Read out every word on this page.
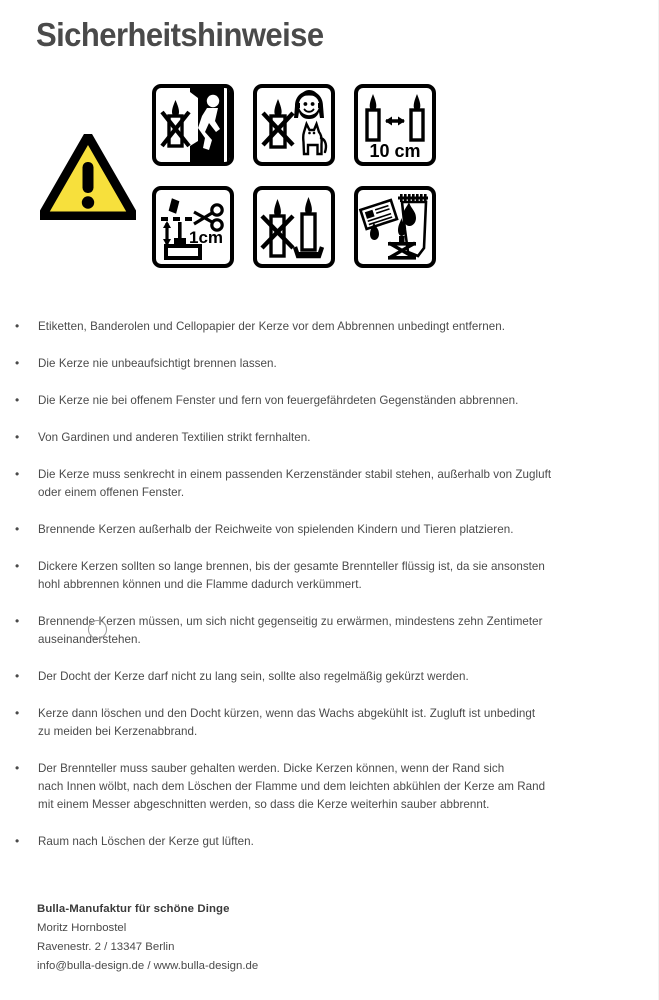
Sicherheitshinweise
10 cm
1cm
• Etiketten, Banderolen und Cellopapier der Kerze vor dem Abbrennen unbedingt entfernen.
• Die Kerze nie unbeaufsichtigt brennen lassen.
• Die Kerze nie bei offenem Fenster und fern von feuergefährdeten Gegenständen abbrennen.
• Von Gardinen und anderen Textilien strikt fernhalten.
• Die Kerze muss senkrecht in einem passenden Kerzenständer stabil stehen, außerhalb von Zugluft
oder einem offenen Fenster.
• Brennende Kerzen außerhalb der Reichweite von spielenden Kindern und Tieren platzieren.
• Dickere Kerzen sollten so lange brennen, bis der gesamte Brennteller flüssig ist, da sie ansonsten
hohl abbrennen können und die Flamme dadurch verkümmert.
• Brennende Kerzen müssen, um sich nicht gegenseitig zu erwärmen, mindestens zehn Zentimeter
auseinanderstehen.
• Der Docht der Kerze darf nicht zu lang sein, sollte also regelmäßig gekürzt werden.
• Kerze dann löschen und den Docht kürzen, wenn das Wachs abgekühlt ist. Zugluft ist unbedingt
zu meiden bei Kerzenabbrand.
• Der Brennteller muss sauber gehalten werden. Dicke Kerzen können, wenn der Rand sich
nach Innen wölbt, nach dem Löschen der Flamme und dem leichten abkühlen der Kerze am Rand
mit einem Messer abgeschnitten werden, so dass die Kerze weiterhin sauber abbrennt.
• Raum nach Löschen der Kerze gut lüften.
Bulla-Manufaktur für schöne Dinge
Moritz Hornbostel
Ravenestr. 2 / 13347 Berlin
info@bulla-design.de / www.bulla-design.de
